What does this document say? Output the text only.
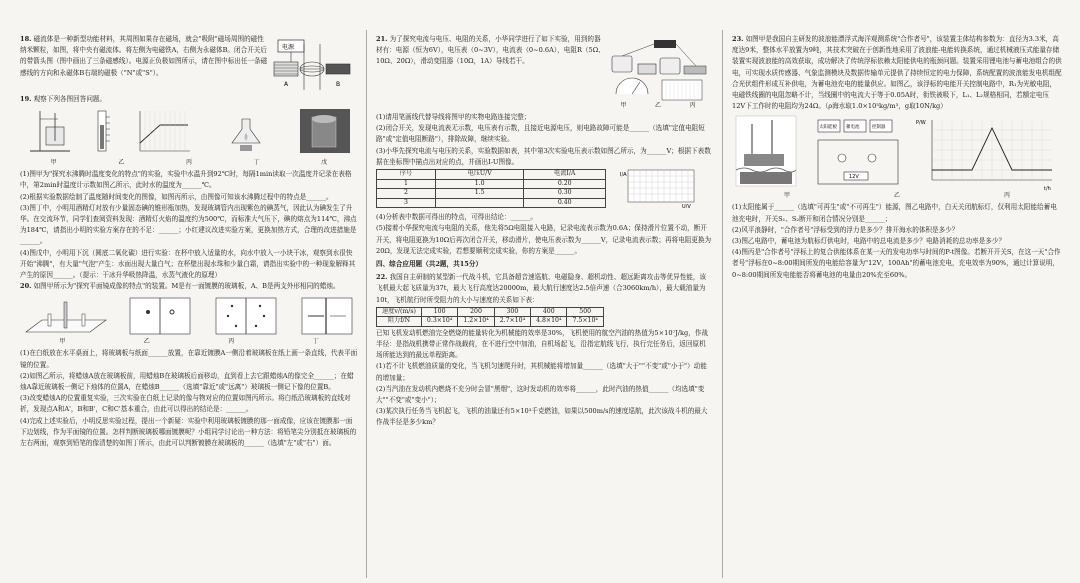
18. 磁流体是一种新型功能材料，其周围如果存在磁场，就会"吸附"磁场周围的磁性纳米颗粒，如图，将中央有磁流体。将左侧为电磁铁A，右侧为永磁体B。闭合开关后的带箭头图（图中画出了三条磁感线）。电源正负极如图所示，请在图中标出任一条磁感线的方向和永磁体B右端的磁极（"N"或"S"）。
电源
A	B
19. 观察下列各图回答问题。
甲	乙	丙	丁	戊

(1)图甲为"探究水沸腾时温度变化的特点"的实验，实验中水温升到92℃时，每隔1min读取一次温度并记录在表格中，第2min时温度计示数如图乙所示，此时水的温度为______℃。

(2)根据实验数据绘制了温度随时间变化的图像，如图丙所示，由图像可知该水沸腾过程中的特点是______。

(3)图丁中，小明用酒精灯对放有少量固态碘的锥形瓶加热，发现玻璃管内出现紫色的碘蒸气，因此认为碘发生了升华。在交流环节，同学们查阅资料发现：酒精灯火焰的温度约为500℃，而标准大气压下，碘的熔点为114℃，沸点为184℃，请指出小明的实验方案存在的不足：______；小红建议改进实验方案，更换加热方式，合理的改进措施是______。

(4)图戊中，小明用下沉（圆底二氧化碳）进行实验：在杯中放入适量的水，向水中放入一小块干冰，观察到水很快开始"沸腾"，有大量"气泡"产生：水面出现大量白气；在杯壁出现水珠和少量白霜，请指出实验中的一种现象解释其产生的原因______。（提示：干冰升华吸热降温，水蒸气液化的原理）

20. 如图甲所示为"探究平面镜成像的特点"的装置。M是有一面镀膜的玻璃板，A、B是两支外形相同的蜡烛。
甲	乙	丙	丁

(1)在白纸放在水平桌面上，将玻璃板与纸面______放置，在靠近镀膜A一侧沿着玻璃板在纸上画一条直线，代表平面镜的位置。

(2)如图乙所示，将蜡烛A放在玻璃板前，用蜡烛B在玻璃板后面移动，直到看上去它跟蜡烛A的像完全______；在蜡烛A靠近玻璃板一侧记下烛体的位置A，在蜡烛B______（选填"靠近"或"远离"）玻璃板一侧记下像的位置B。

(3)改变蜡烛A的位置重复实验，三次实验在白纸上记录的像与物对应的位置如图丙所示。将白纸沿玻璃板的直线对折，发现点A和A'，B和B'，C和C'基本重合，由此可以得出的结论是：______。

(4)完成上述实验后，小明反思实验过程，提出一个新疑：实验中利用玻璃板镀膜的那一面成像，应该在镀膜那一面下边划线，作为平面镜的位置。怎样判断玻璃板哪面镀膜呢？小组同学讨论出一种方法：将铅笔尖分别抵在玻璃板的左右两面，观察到铅笔的像清楚的如图丁所示，由此可以判断镀膜在玻璃板的______（选填"左"或"右"）面。

21. 为了探究电流与电压、电阻的关系，小华同学进行了如下实验，用到的器材有：电源（恒为6V），电压表（0~3V），电流表（0~0.6A），电阻R（5Ω、10Ω、20Ω），滑动变阻器（10Ω，1A）导线若干。
甲	乙	丙

(1)请用笔画线代替导线将图甲的实物电路连接完整；

(2)闭合开关，发现电流表无示数，电压表有示数，且接近电源电压，则电路故障可能是______（选填"定值电阻短路"或"定值电阻断路"），排除故障，继续实验。

(3)小华先探究电流与电压的关系，实验数据如表，其中第3次实验电压表示数如图乙所示，为______V；根据下表数据在坐标图中描点出对应的点，并画出I-U图像。

序号	电压U/V	电流I/A
1	1.0	0.20
2	1.5	0.30
3		0.40
I/A
U/V

(4)分析表中数据可得出的特点，可得出结论：______。

(5)接着小华探究电流与电阻的关系，他先将5Ω电阻接入电路，记录电流表示数为0.6A；保持滑片位置不动，断开开关，将电阻更换为10Ω后再次闭合开关，移动滑片，使电压表示数为______V，记录电流表示数；再将电阻更换为20Ω，发现无法完成实验，若想要顺利完成实验，你的方案是______。

四、综合应用题（共2题，共15分）
22. 我国自主研制的某型新一代战斗机，它具备超音速巡航、电磁隐身、超机动性、超远距离攻击等优异性能，该飞机最大起飞质量为37t，最大飞行高度达20000m，最大航行速度达2.5倍声速（合3060km/h），最大载油量为10t，飞机航行时所受阻力的大小与速度的关系如下表：
速度v/(m/s)	100	200	300	400	500
阻力f/N	0.3×10⁴	1.2×10⁴	2.7×10⁴	4.8×10⁴	7.5×10⁴

已知飞机发动机燃油完全燃烧的能量转化为机械能的效率是30%，飞机使用的航空汽油的热值为5×10⁷J/kg，作战半径：是指战机携带正常作战载荷，在不进行空中加油，自机场起飞，沿指定航线飞行，执行完任务后，返回原机场所能达到的最远单程距离。

(1)若不计飞机燃油质量的变化，当飞机匀速爬升时，其机械能将增加量______（选填"大于""不变"或"小于"）动能的增加量；

(2)当汽油在发动机内燃烧不充分时会冒"黑烟"，这时发动机的效率将______，此时汽油的热值______（均选填"变大""不变"或"变小"）；

(3)某次执行任务当飞机起飞，飞机的油量还有5×10³千克燃油，如果以500m/s的速度巡航，此次该战斗机的最大作战半径是多少km？

23. 如图甲是我国自主研发的波浪能漂浮式海洋观测系统"合作者号"，该装置主体结构参数为：直径为3.3米，高度达9米，整体水平放置为9吨，其技术突破在于创新性地采用了波浪能-电能转换系统，通过机械液压式能量存储装置实现波浪能的高效获取，成功解决了传统浮标依赖太阳能供电的瓶颈问题。装置采用锂电池与蓄电池组合的供电，可实现水质传感器、气象监测模块及数据传输单元提供了持续恒定的电力保障，系统配置的波浪能发电机组配合光伏组件形成互补供电，为蓄电池充电的能量供应。如图乙，该浮标的电能开关控制电路中，R₁为光敏电阻，电磁铁线圈的电阻忽略不计，当线圈中的电流大于等于0.05A时，衔铁被吸下，L₁、L₂规格相同，若额定电压12V下工作时的电阻均为24Ω。（ρ海水取1.0×10³kg/m³，g取10N/kg）
太阳能板 蓄电池	控制器
12V
P/W
t/h
甲	乙	丙

(1)太阳能属于______（选填"可再生"或"不可再生"）能源，图乙电路中，白天关闭航标灯，仅利用太阳能给蓄电池充电时，开关S₁、S₂断开和闭合情况分别是______；

(2)风平浪静时，"合作者号"浮标受到的浮力是多少？排开海水的体积是多少？

(3)图乙电路中，蓄电池为航标灯供电时，电路中的总电流是多少？电路消耗的总功率是多少？

(4)图丙是"合作者号"浮标上的复合供能体系在某一天的发电功率与时间的P-t图像。若断开开关S，在这一天"合作者号"浮标在0~8:00期间所发的电能给容量为"12V，100Ah"的蓄电池充电，充电效率为90%，通过计算说明，0~8:00期间所发电能能否将蓄电池的电量由20%充至60%。
